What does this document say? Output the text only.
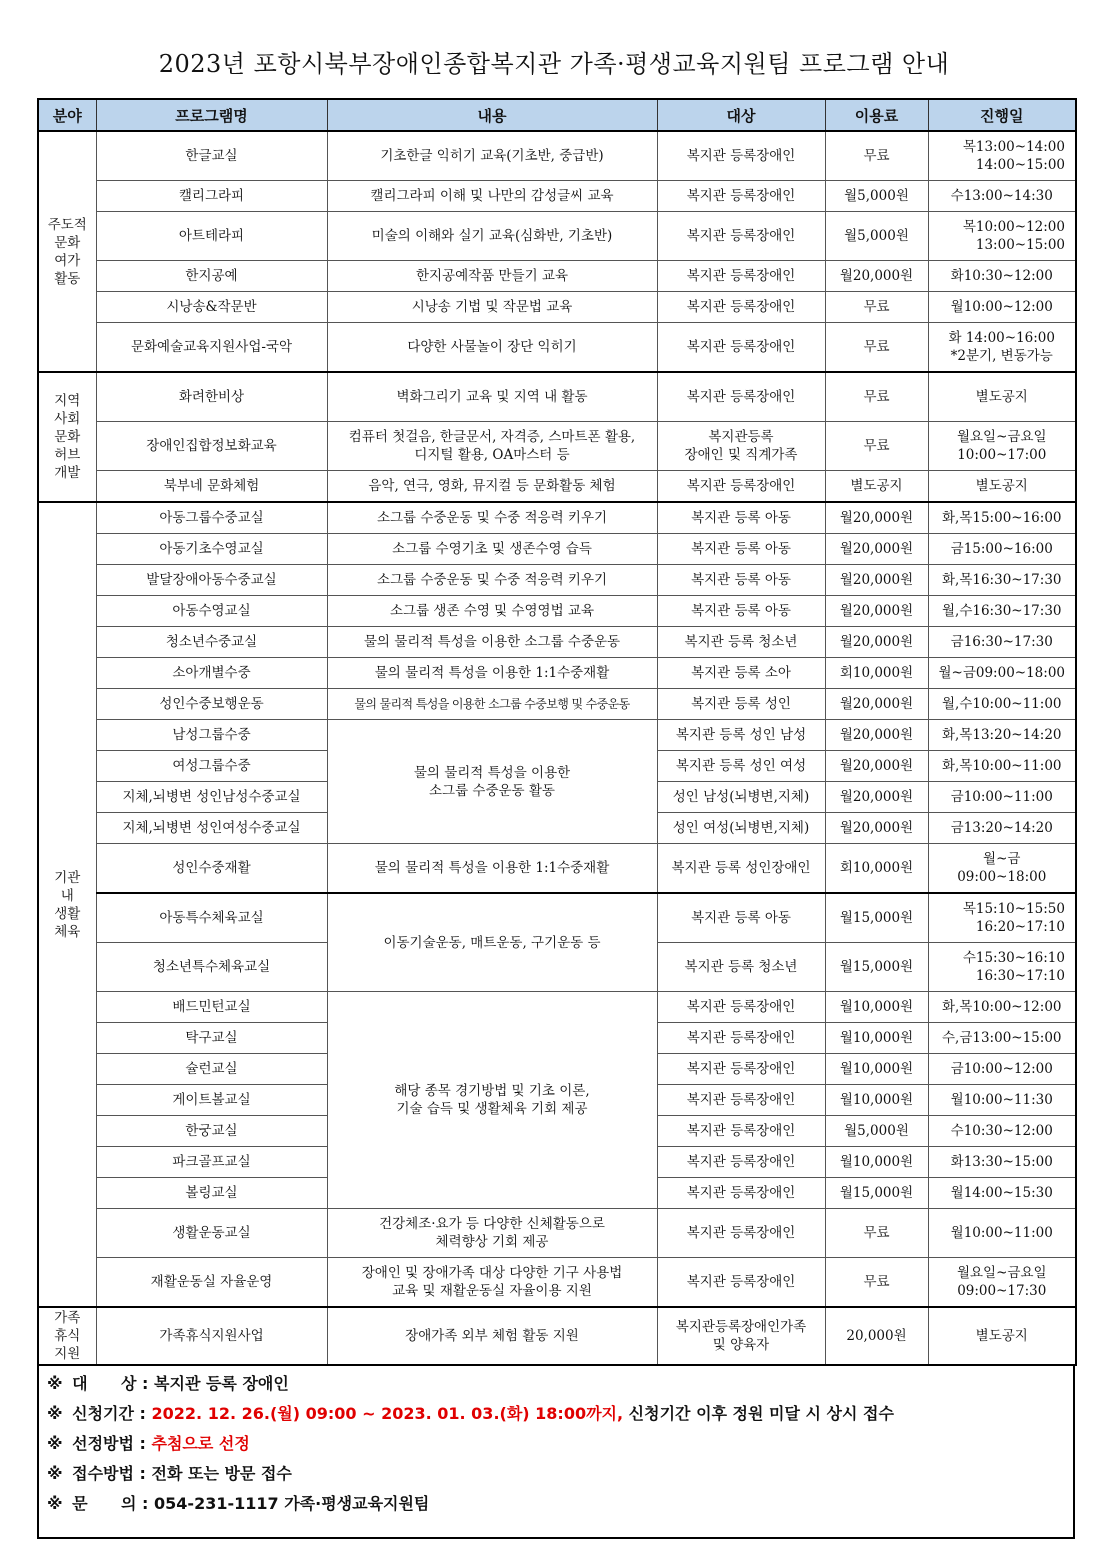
2023년 포항시북부장애인종합복지관 가족·평생교육지원팀 프로그램 안내
분야	프로그램명	내용	대상	이용료	진행일
주도적
문화
여가
활동	한글교실	기초한글 익히기 교육(기초반, 중급반)	복지관 등록장애인	무료	목13:00~14:00
14:00~15:00
	캘리그라피	캘리그라피 이해 및 나만의 감성글씨 교육	복지관 등록장애인	월5,000원	수13:00~14:30
	아트테라피	미술의 이해와 실기 교육(심화반, 기초반)	복지관 등록장애인	월5,000원	목10:00~12:00
13:00~15:00
	한지공예	한지공예작품 만들기 교육	복지관 등록장애인	월20,000원	화10:30~12:00
	시낭송&작문반	시낭송 기법 및 작문법 교육	복지관 등록장애인	무료	월10:00~12:00
	문화예술교육지원사업-국악	다양한 사물놀이 장단 익히기	복지관 등록장애인	무료	화 14:00~16:00
*2분기, 변동가능
지역
사회
문화
허브
개발	화려한비상	벽화그리기 교육 및 지역 내 활동	복지관 등록장애인	무료	별도공지
	장애인집합정보화교육	컴퓨터 첫걸음, 한글문서, 자격증, 스마트폰 활용,
디지털 활용, OA마스터 등	복지관등록
장애인 및 직계가족	무료	월요일~금요일
10:00~17:00
	북부네 문화체험	음악, 연극, 영화, 뮤지컬 등 문화활동 체험	복지관 등록장애인	별도공지	별도공지
기관
내
생활
체육	아동그룹수중교실	소그룹 수중운동 및 수중 적응력 키우기	복지관 등록 아동	월20,000원	화,목15:00~16:00
	아동기초수영교실	소그룹 수영기초 및 생존수영 습득	복지관 등록 아동	월20,000원	금15:00~16:00
	발달장애아동수중교실	소그룹 수중운동 및 수중 적응력 키우기	복지관 등록 아동	월20,000원	화,목16:30~17:30
	아동수영교실	소그룹 생존 수영 및 수영영법 교육	복지관 등록 아동	월20,000원	월,수16:30~17:30
	청소년수중교실	물의 물리적 특성을 이용한 소그룹 수중운동	복지관 등록 청소년	월20,000원	금16:30~17:30
	소아개별수중	물의 물리적 특성을 이용한 1:1수중재활	복지관 등록 소아	회10,000원	월~금09:00~18:00
	성인수중보행운동	물의 물리적 특성을 이용한 소그룹 수중보행 및 수중운동	복지관 등록 성인	월20,000원	월,수10:00~11:00
	남성그룹수중	물의 물리적 특성을 이용한
소그룹 수중운동 활동	복지관 등록 성인 남성	월20,000원	화,목13:20~14:20
	여성그룹수중		복지관 등록 성인 여성	월20,000원	화,목10:00~11:00
	지체,뇌병변 성인남성수중교실		성인 남성(뇌병변,지체)	월20,000원	금10:00~11:00
	지체,뇌병변 성인여성수중교실		성인 여성(뇌병변,지체)	월20,000원	금13:20~14:20
	성인수중재활	물의 물리적 특성을 이용한 1:1수중재활	복지관 등록 성인장애인	회10,000원	월~금
09:00~18:00
	아동특수체육교실	이동기술운동, 매트운동, 구기운동 등	복지관 등록 아동	월15,000원	목15:10~15:50
16:20~17:10
	청소년특수체육교실		복지관 등록 청소년	월15,000원	수15:30~16:10
16:30~17:10
	배드민턴교실	해당 종목 경기방법 및 기초 이론,
기술 습득 및 생활체육 기회 제공	복지관 등록장애인	월10,000원	화,목10:00~12:00
	탁구교실		복지관 등록장애인	월10,000원	수,금13:00~15:00
	슐런교실		복지관 등록장애인	월10,000원	금10:00~12:00
	게이트볼교실		복지관 등록장애인	월10,000원	월10:00~11:30
	한궁교실		복지관 등록장애인	월5,000원	수10:30~12:00
	파크골프교실		복지관 등록장애인	월10,000원	화13:30~15:00
	볼링교실		복지관 등록장애인	월15,000원	월14:00~15:30
	생활운동교실	건강체조·요가 등 다양한 신체활동으로
체력향상 기회 제공	복지관 등록장애인	무료	월10:00~11:00
	재활운동실 자율운영	장애인 및 장애가족 대상 다양한 기구 사용법
교육 및 재활운동실 자율이용 지원	복지관 등록장애인	무료	월요일~금요일
09:00~17:30
가족
휴식
지원	가족휴식지원사업	장애가족 외부 체험 활동 지원	복지관등록장애인가족
및 양육자	20,000원	별도공지
※ 대      상 : 복지관 등록 장애인
※ 신청기간 : 2022. 12. 26.(월) 09:00 ~ 2023. 01. 03.(화) 18:00까지, 신청기간 이후 정원 미달 시 상시 접수
※ 선정방법 : 추첨으로 선정
※ 접수방법 : 전화 또는 방문 접수
※ 문      의 : 054-231-1117 가족·평생교육지원팀
